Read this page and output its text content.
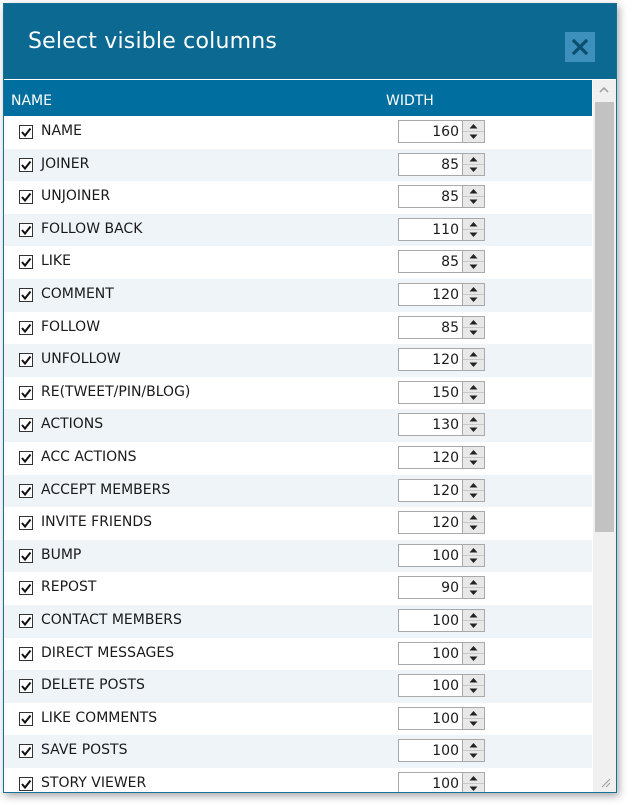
Select visible columns
NAME	WIDTH
NAME	160
JOINER	85
UNJOINER	85
FOLLOW BACK	110
LIKE	85
COMMENT	120
FOLLOW	85
UNFOLLOW	120
RE(TWEET/PIN/BLOG)	150
ACTIONS	130
ACC ACTIONS	120
ACCEPT MEMBERS	120
INVITE FRIENDS	120
BUMP	100
REPOST	90
CONTACT MEMBERS	100
DIRECT MESSAGES	100
DELETE POSTS	100
LIKE COMMENTS	100
SAVE POSTS	100
STORY VIEWER	100
